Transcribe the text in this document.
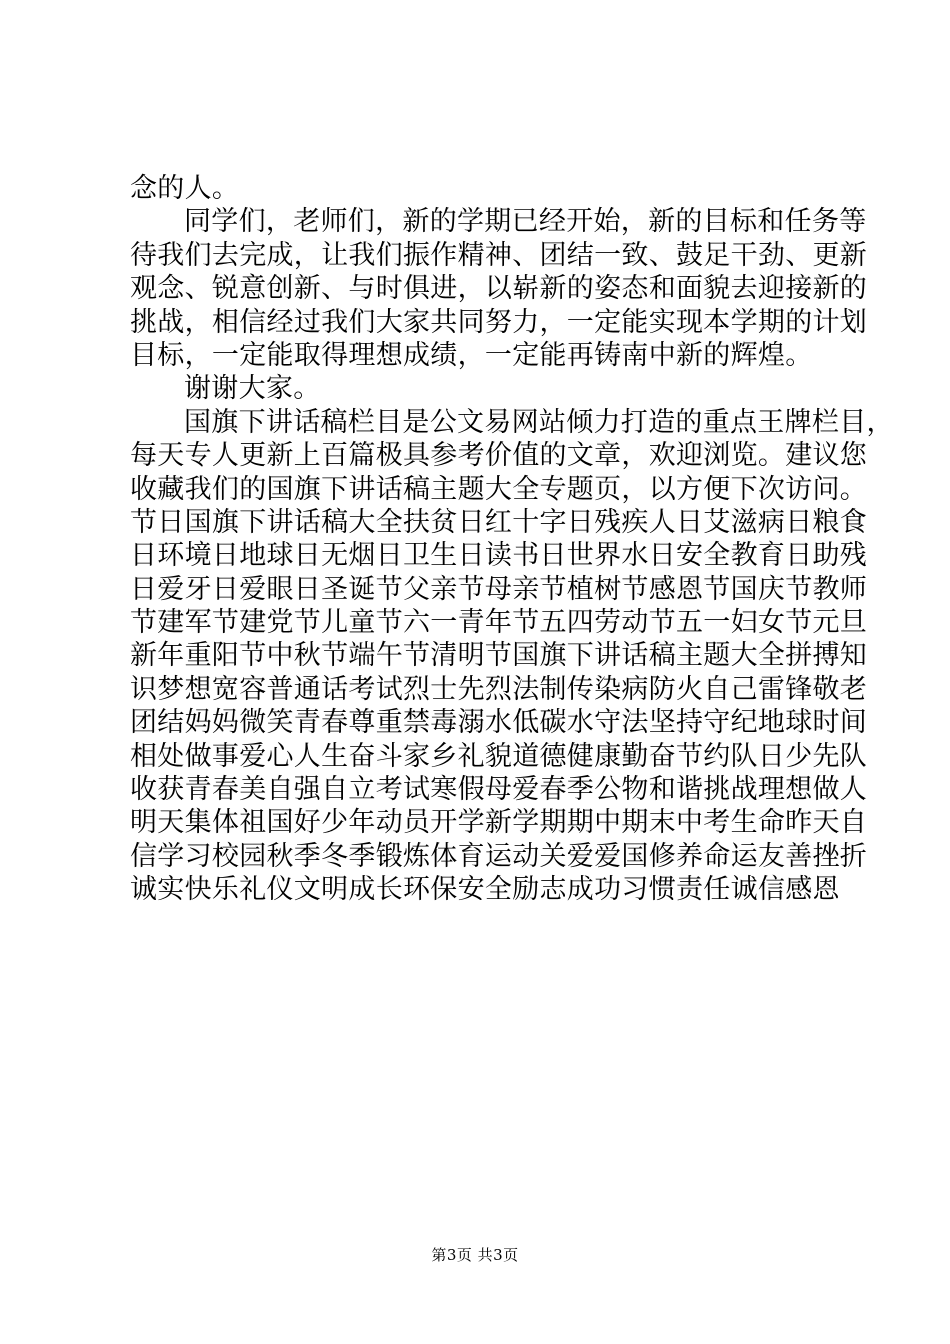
念的人。
同学们，老师们，新的学期已经开始，新的目标和任务等
待我们去完成，让我们振作精神、团结一致、鼓足干劲、更新
观念、锐意创新、与时俱进，以崭新的姿态和面貌去迎接新的
挑战，相信经过我们大家共同努力，一定能实现本学期的计划
目标，一定能取得理想成绩，一定能再铸南中新的辉煌。
谢谢大家。
国旗下讲话稿栏目是公文易网站倾力打造的重点王牌栏目，
每天专人更新上百篇极具参考价值的文章，欢迎浏览。建议您
收藏我们的国旗下讲话稿主题大全专题页，以方便下次访问。
节日国旗下讲话稿大全扶贫日红十字日残疾人日艾滋病日粮食
日环境日地球日无烟日卫生日读书日世界水日安全教育日助残
日爱牙日爱眼日圣诞节父亲节母亲节植树节感恩节国庆节教师
节建军节建党节儿童节六一青年节五四劳动节五一妇女节元旦
新年重阳节中秋节端午节清明节国旗下讲话稿主题大全拼搏知
识梦想宽容普通话考试烈士先烈法制传染病防火自己雷锋敬老
团结妈妈微笑青春尊重禁毒溺水低碳水守法坚持守纪地球时间
相处做事爱心人生奋斗家乡礼貌道德健康勤奋节约队日少先队
收获青春美自强自立考试寒假母爱春季公物和谐挑战理想做人
明天集体祖国好少年动员开学新学期期中期末中考生命昨天自
信学习校园秋季冬季锻炼体育运动关爱爱国修养命运友善挫折
诚实快乐礼仪文明成长环保安全励志成功习惯责任诚信感恩
第3页 共3页
